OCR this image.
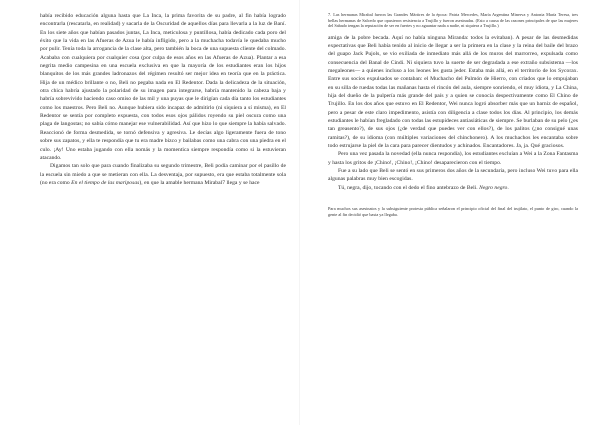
había recibido educación alguna hasta que La Inca, la prima favorita de su padre, al fin había logrado encontrarla (rescatarla, en realidad) y sacarla de la Oscuridad de aquellos días para llevarla a la luz de Baní. En los siete años que habían pasados juntas, La Inca, meticulosa y puntillosa, había dedicado cada poro del éxito que la vida en las Afueras de Azua le había infligido, pero a la muchacha todavía le quedaba mucho por pulir. Tenía toda la arrogancia de la clase alta, pero también la boca de una supuesta cliente del colmado. Acababa con cualquiera por cualquier cosa (por culpa de esos años en las Afueras de Azua). Plantar a esa negrita medio campesina en una escuela exclusiva en que la mayoría de los estudiantes eran los hijos blanquitos de los más grandes ladronazos del régimen resultó ser mejor idea en teoría que en la práctica. Hija de un médico brillante o no, Beli no pegaba nada en El Redentor. Dada la delicadeza de la situación, otra chica habría ajustado la polaridad de su imagen para integrarse, habría mantenido la cabeza baja y habría sobrevivido haciendo caso omiso de las mil y una puyas que le dirigían cada día tanto los estudiantes como los maestros. Pero Beli no. Aunque hubiera sido incapaz de admitirlo (ni siquiera a sí misma), en El Redentor se sentía por completo expuesta, con todos esos ojos pálidos royendo su piel oscura como una plaga de langostas; no sabía cómo manejar ese vulnerabilidad. Así que hizo lo que siempre la había salvado. Reaccionó de forma desmedida, se tornó defensiva y agresiva. Le decías algo ligeramente fuera de tono sobre sus zapatos, y ella te respondía que tu era madre bizco y bailabas como una cabra con una piedra en el culo. ¡Ay! Uno estaba jugando con ella nomás y la momentica siempre respondía como si la estuvieran atacando.

Digamos tan solo que para cuando finalizaba su segundo trimestre, Beli podía caminar por el pasillo de la escuela sin miedo a que se metieran con ella. La desventaja, por supuesto, era que estaba totalmente sola (no era como En el tiempo de las mariposas), en que la amable hermana Mirabal7 llega y se hace

7. Las hermanas Mirabal fueron las Grandes Mártires de la época: Patria Mercedes, María Argentina Minerva y Antonia María Teresa, tres bellas hermanas de Salcedo que opusieron resistencia a Trujillo y fueron asesinadas. (Esto a causa de las razones principales de que las mujeres del Sabado tengan la reputación de ser en fuertes y no aguantar nada a nadie, ni siquiera a Trujillo.)

amiga de la pobre becada. Aquí no había ninguna Miranda: todos la evitaban). A pesar de las desmedidas expectativas que Beli había tenido al inicio de llegar a ser la primera en la clase y la reina del baile del brazo del guapo Jack Pujols, se vio exiliada de inmediato más allá de los muros del marrorreo, expulsada como consecuencia del Banal de Cindi. Ni siquiera tuvo la suerte de ser degradada a ese extraño subsistema —los megaleones— a quienes incluso a los leones les gusta jeder. Estaba más allá, en el territorio de los Sycorax. Entre sus socios expulsados se contaban: el Muchacho del Pulmón de Hierro, con criados que lo empujaban en su silla de ruedas todas las mañanas hasta el rincón del aula, siempre sonriendo, el muy idiota, y La China, hija del dueño de la pulpería más grande del país y a quien se conocía despectivamente como El Chino de Trujillo. En los dos años que estuvo en El Redentor, Wei nunca logró absorber más que un barniz de español, pero a pesar de este claro impedimento, asistía con diligencia a clase todos los días. Al principio, los demás estudiantes le habían fregladado con todas las estupideces antiasiáticas de siempre. Se burlaban de su pelo (¿es tan greasento?), de sus ojos (¿de verdad que puedes ver con ellos?), de los palitos (¿no consigué unas ramitas?), de su idioma (con múltiples variaciones del chinchonero). A los muchachos les encantaba sobre todo estrujarse la piel de la cara para parecer dientudos y achinados. Encantadores. Ja, ja. Qué graciosos.

Pero una vez pasada la novedad (ella nunca respondía), los estudiantes excluían a Wei a la Zona Fantasma y hasta los gritos de ¡Chino!, ¡Chino!, ¡Chino! desaparecieron con el tiempo.

Fue a su lado que Beli se sentó en sus primeros dos años de la secundaria, pero incluso Wei tuvo para ella algunas palabras muy bien escogidas.

Tú, negra, dijo, tocando con el dedo el fino antebrazo de Beli. Negro negro.

Para muchos sus asesinatos y la subsiguiente protesta pública señalaron el principio oficial del final del trujilato, el punto de giro, cuando la gente al fin decidió que basta ya llegaba.
